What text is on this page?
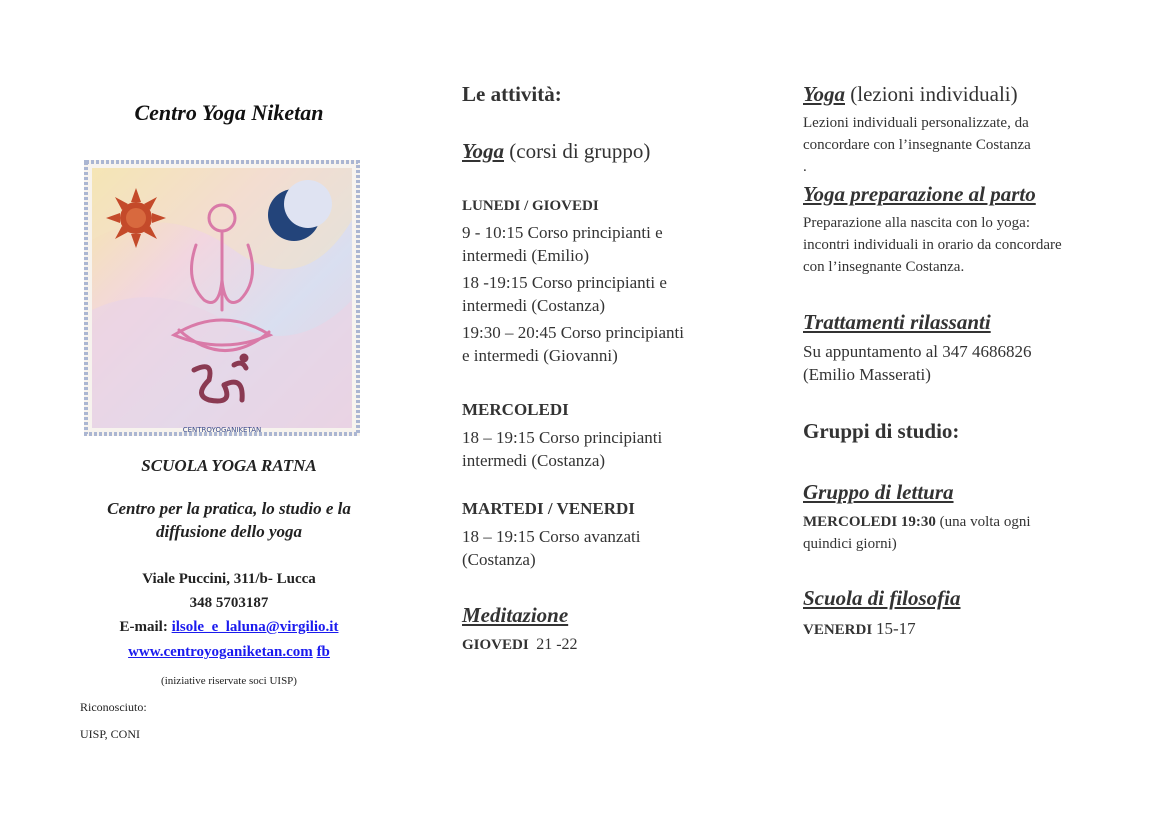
Centro Yoga Niketan
CENTROYOGANIKETAN
SCUOLA YOGA RATNA
Centro per la pratica, lo studio e la
diffusione dello yoga
Viale Puccini, 311/b- Lucca
348 5703187
E-mail: ilsole_e_laluna@virgilio.it
www.centroyoganiketan.com fb
(iniziative riservate soci UISP)
Riconosciuto:
UISP, CONI
Le attività:
Yoga (corsi di gruppo)
LUNEDI / GIOVEDI
9 - 10:15 Corso principianti e
intermedi (Emilio)
18 -19:15 Corso principianti e
intermedi (Costanza)
19:30 – 20:45 Corso principianti
e intermedi (Giovanni)
MERCOLEDI
18 – 19:15 Corso principianti
intermedi (Costanza)
MARTEDI / VENERDI
18 – 19:15 Corso avanzati
(Costanza)
Meditazione
GIOVEDI 21 -22
Yoga (lezioni individuali)
Lezioni individuali personalizzate, da
concordare con l’insegnante Costanza
.
Yoga preparazione al parto
Preparazione alla nascita con lo yoga:
incontri individuali in orario da concordare
con l’insegnante Costanza.
Trattamenti rilassanti
Su appuntamento al 347 4686826
(Emilio Masserati)
Gruppi di studio:
Gruppo di lettura
MERCOLEDI 19:30 (una volta ogni
quindici giorni)
Scuola di filosofia
VENERDI 15-17
